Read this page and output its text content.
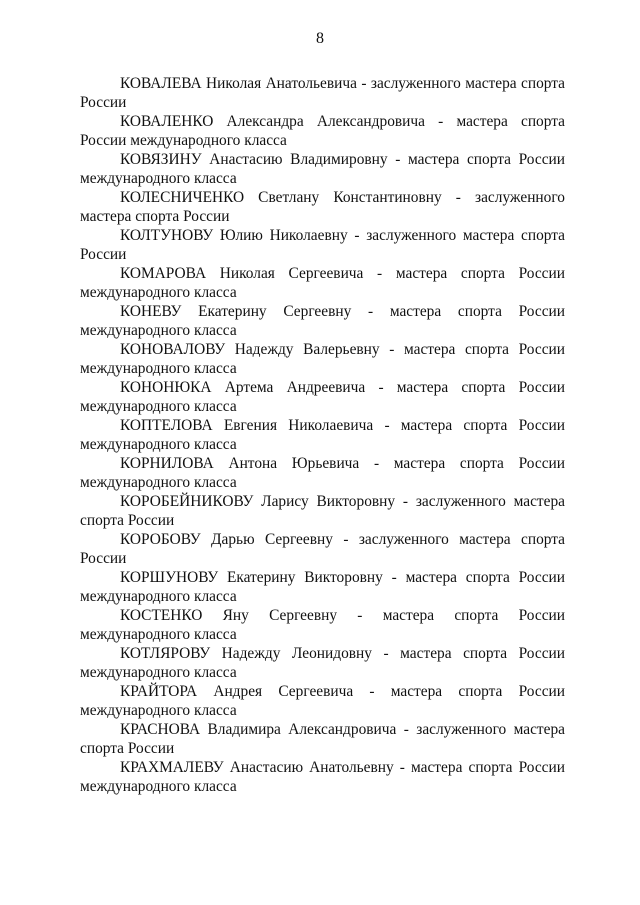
8

КОВАЛЕВА Николая Анатольевича - заслуженного мастера спорта России

КОВАЛЕНКО Александра Александровича - мастера спорта России международного класса

КОВЯЗИНУ Анастасию Владимировну - мастера спорта России международного класса

КОЛЕСНИЧЕНКО Светлану Константиновну - заслуженного мастера спорта России

КОЛТУНОВУ Юлию Николаевну - заслуженного мастера спорта России

КОМАРОВА Николая Сергеевича - мастера спорта России международного класса

КОНЕВУ Екатерину Сергеевну - мастера спорта России международного класса

КОНОВАЛОВУ Надежду Валерьевну - мастера спорта России международного класса

КОНОНЮКА Артема Андреевича - мастера спорта России международного класса

КОПТЕЛОВА Евгения Николаевича - мастера спорта России международного класса

КОРНИЛОВА Антона Юрьевича - мастера спорта России международного класса

КОРОБЕЙНИКОВУ Ларису Викторовну - заслуженного мастера спорта России

КОРОБОВУ Дарью Сергеевну - заслуженного мастера спорта России

КОРШУНОВУ Екатерину Викторовну - мастера спорта России международного класса

КОСТЕНКО Яну Сергеевну - мастера спорта России международного класса

КОТЛЯРОВУ Надежду Леонидовну - мастера спорта России международного класса

КРАЙТОРА Андрея Сергеевича - мастера спорта России международного класса

КРАСНОВА Владимира Александровича - заслуженного мастера спорта России

КРАХМАЛЕВУ Анастасию Анатольевну - мастера спорта России международного класса
